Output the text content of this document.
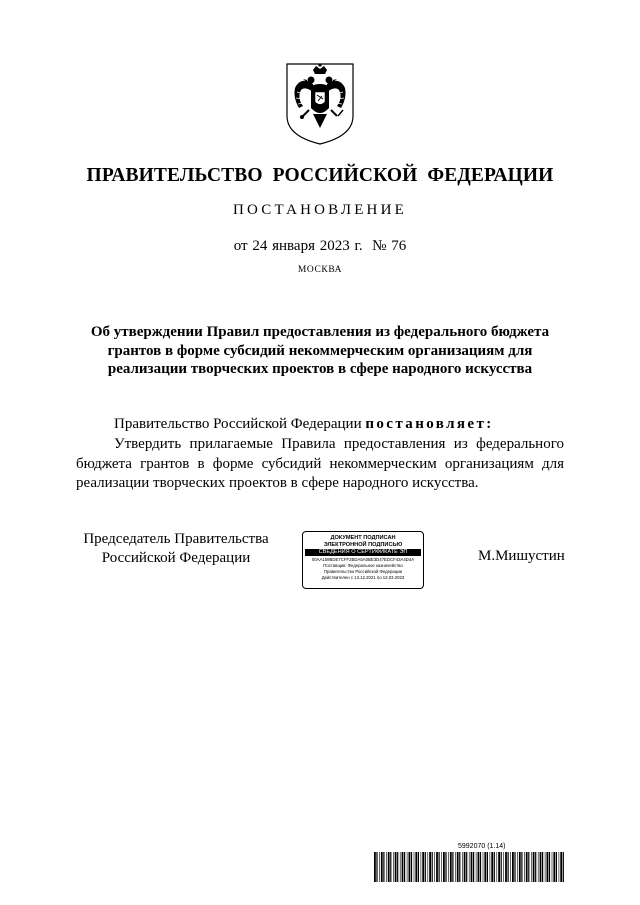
ПРАВИТЕЛЬСТВО РОССИЙСКОЙ ФЕДЕРАЦИИ
ПОСТАНОВЛЕНИЕ
от 24 января 2023 г.  № 76
МОСКВА
Об утверждении Правил предоставления из федерального бюджета
грантов в форме субсидий некоммерческим организациям для
реализации творческих проектов в сфере народного искусства
Правительство Российской Федерации постановляет:
Утвердить прилагаемые Правила предоставления из федерального бюджета грантов в форме субсидий некоммерческим организациям для реализации творческих проектов в сфере народного искусства.
Председатель Правительства
Российской Федерации
ДОКУМЕНТ ПОДПИСАН
ЭЛЕКТРОННОЙ ПОДПИСЬЮ
СВЕДЕНИЯ О СЕРТИФИКАТЕ ЭП
00AA159BDE7CFF2BDA5A0BE3D47EDCF43A4D4A
Поставщик: Федеральное казначейство
Правительство Российской Федерации
Действителен с 13.12.2021 по 13.03.2023
М.Мишустин
5992070 (1.14)
